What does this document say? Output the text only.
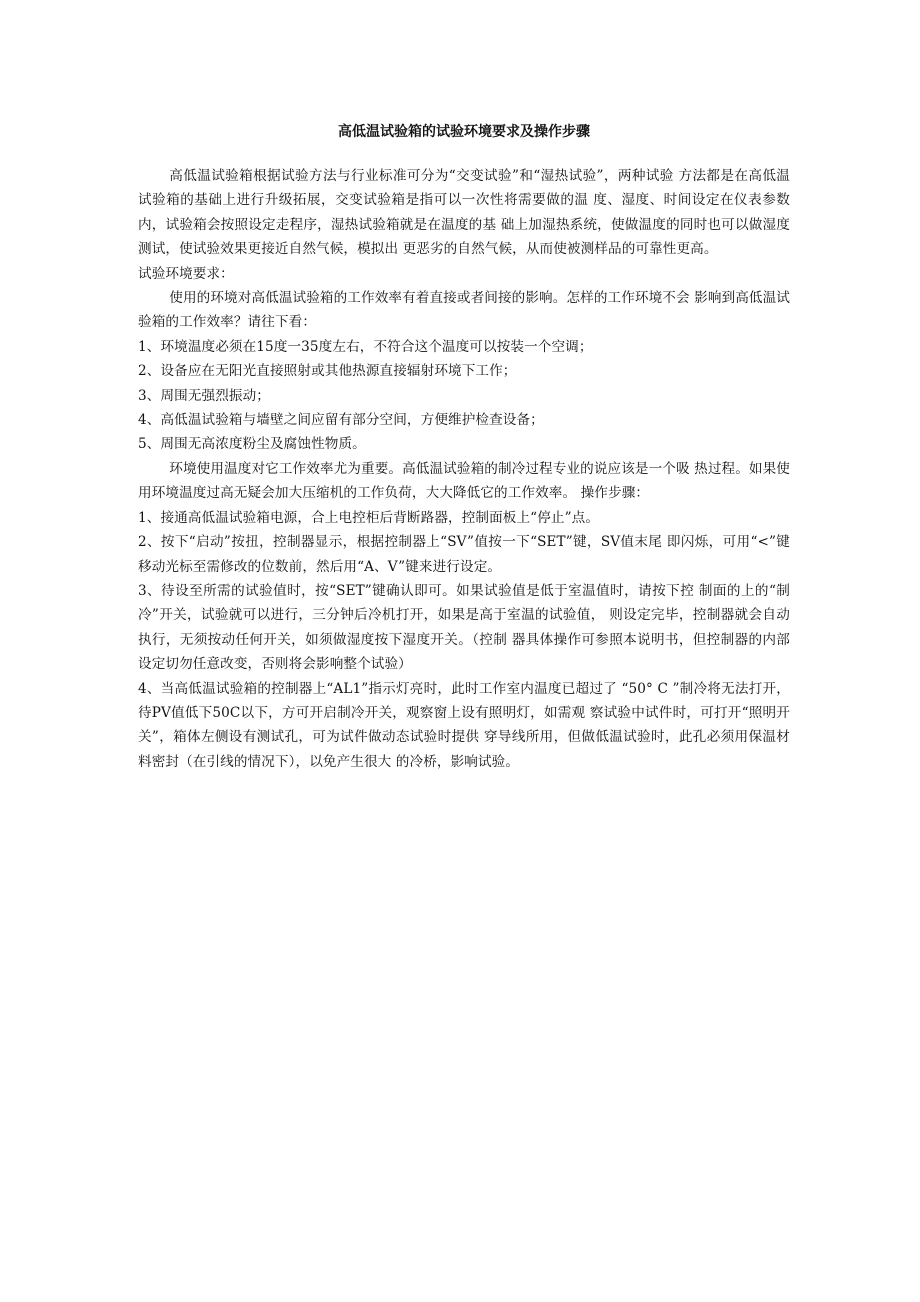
高低温试验箱的试验环境要求及操作步骤

高低温试验箱根据试验方法与行业标准可分为“交变试验”和“湿热试验”，两种试验 方法都是在高低温试验箱的基础上进行升级拓展，交变试验箱是指可以一次性将需要做的温 度、湿度、时间设定在仪表参数内，试验箱会按照设定走程序，湿热试验箱就是在温度的基 础上加湿热系统，使做温度的同时也可以做湿度测试，使试验效果更接近自然气候，模拟出 更恶劣的自然气候，从而使被测样品的可靠性更高。

试验环境要求：

使用的环境对高低温试验箱的工作效率有着直接或者间接的影响。怎样的工作环境不会 影响到高低温试验箱的工作效率？请往下看：

1、环境温度必须在15度一35度左右，不符合这个温度可以按装一个空调；

2、设备应在无阳光直接照射或其他热源直接辐射环境下工作；

3、周围无强烈振动；

4、高低温试验箱与墙壁之间应留有部分空间，方便维护检查设备；

5、周围无高浓度粉尘及腐蚀性物质。

环境使用温度对它工作效率尤为重要。高低温试验箱的制冷过程专业的说应该是一个吸 热过程。如果使用环境温度过高无疑会加大压缩机的工作负荷，大大降低它的工作效率。 操作步骤：

1、接通高低温试验箱电源，合上电控柜后背断路器，控制面板上“停止”点。

2、按下“启动”按扭，控制器显示，根据控制器上“SV”值按一下“SET”键，SV值末尾 即闪烁，可用“<”键移动光标至需修改的位数前，然后用“A、V”键来进行设定。

3、待设至所需的试验值时，按“SET”键确认即可。如果试验值是低于室温值时，请按下控 制面的上的“制冷”开关，试验就可以进行，三分钟后冷机打开，如果是高于室温的试验值， 则设定完毕，控制器就会自动执行，无须按动任何开关，如须做湿度按下湿度开关。（控制 器具体操作可参照本说明书，但控制器的内部设定切勿任意改变，否则将会影响整个试验）

4、当高低温试验箱的控制器上“AL1”指示灯亮时，此时工作室内温度已超过了 “50° C ”制冷将无法打开，待PV值低下50C以下，方可开启制冷开关，观察窗上设有照明灯，如需观 察试验中试件时，可打开“照明开关”，箱体左侧设有测试孔，可为试件做动态试验时提供 穿导线所用，但做低温试验时，此孔必须用保温材料密封（在引线的情况下），以免产生很大 的冷桥，影响试验。
